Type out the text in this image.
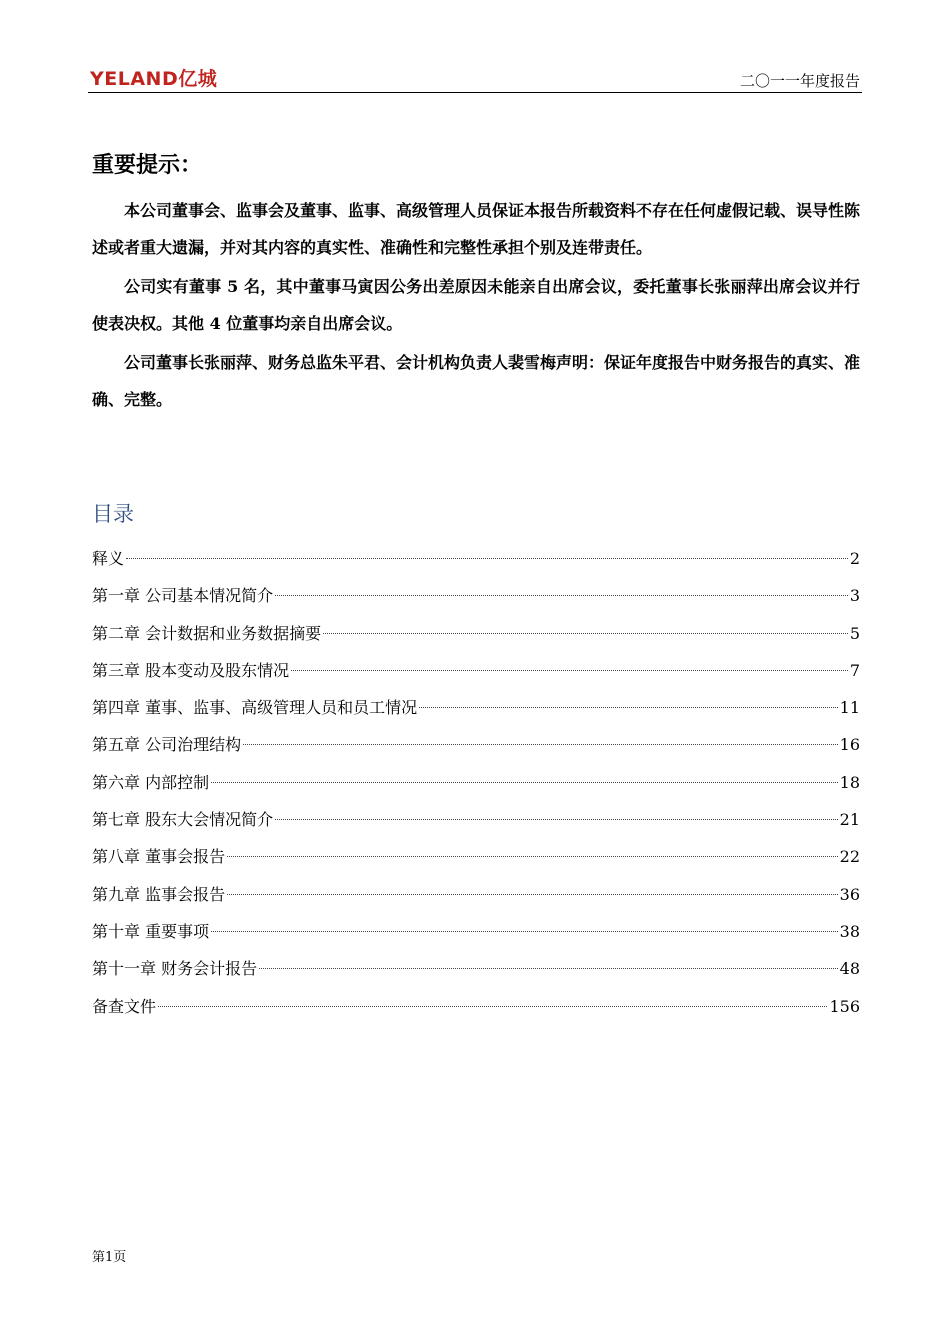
YELAND亿城	二〇一一年度报告
重要提示：

本公司董事会、监事会及董事、监事、高级管理人员保证本报告所载资料不存在任何虚假记载、误导性陈述或者重大遗漏，并对其内容的真实性、准确性和完整性承担个别及连带责任。

公司实有董事 5 名，其中董事马寅因公务出差原因未能亲自出席会议，委托董事长张丽萍出席会议并行使表决权。其他 4 位董事均亲自出席会议。

公司董事长张丽萍、财务总监朱平君、会计机构负责人裴雪梅声明：保证年度报告中财务报告的真实、准确、完整。

目录
释义	2
第一章 公司基本情况简介	3
第二章 会计数据和业务数据摘要	5
第三章 股本变动及股东情况	7
第四章 董事、监事、高级管理人员和员工情况	11
第五章 公司治理结构	16
第六章 内部控制	18
第七章 股东大会情况简介	21
第八章 董事会报告	22
第九章 监事会报告	36
第十章 重要事项	38
第十一章 财务会计报告	48
备查文件	156
第1页
